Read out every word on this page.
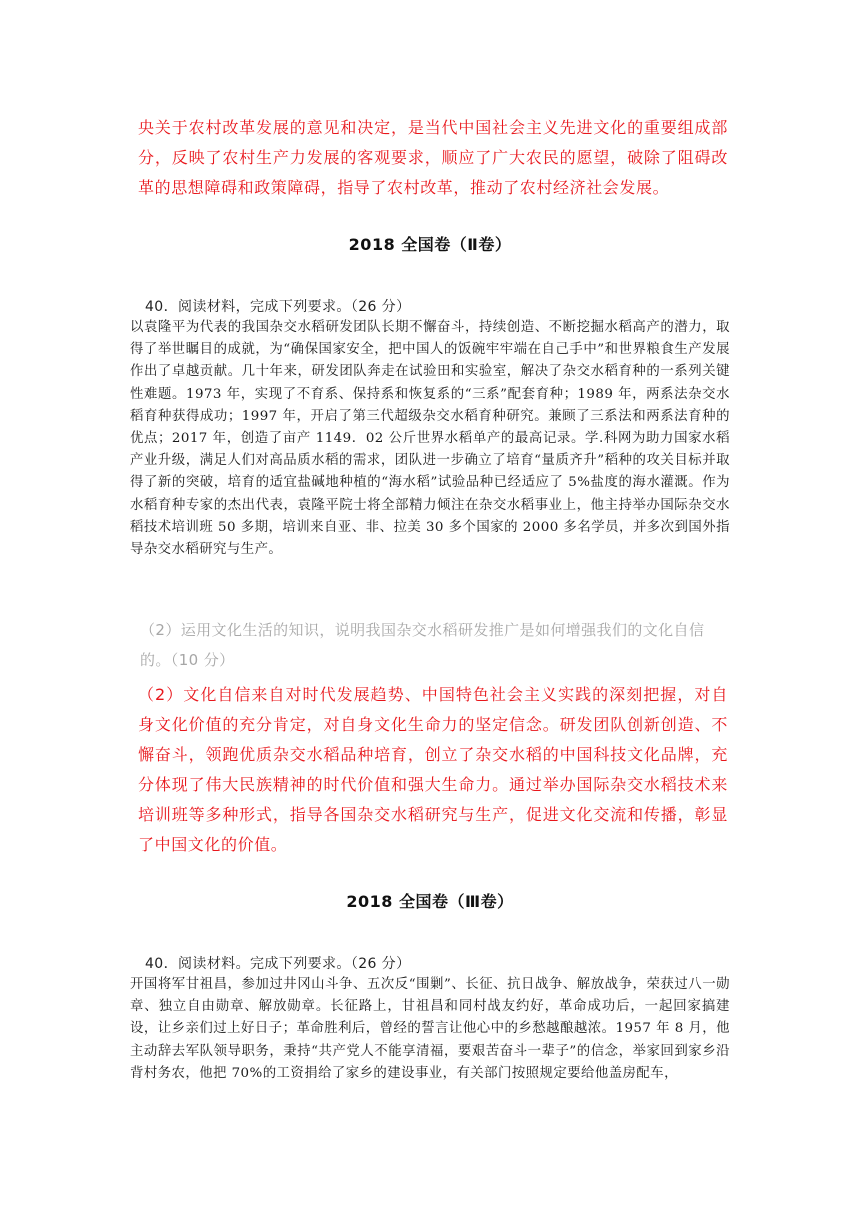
央关于农村改革发展的意见和决定，是当代中国社会主义先进文化的重要组成部分，反映了农村生产力发展的客观要求，顺应了广大农民的愿望，破除了阻碍改革的思想障碍和政策障碍，指导了农村改革，推动了农村经济社会发展。

2018 全国卷（Ⅱ卷）
40．阅读材料，完成下列要求。（26 分）

以袁隆平为代表的我国杂交水稻研发团队长期不懈奋斗，持续创造、不断挖掘水稻高产的潜力，取得了举世瞩目的成就，为“确保国家安全，把中国人的饭碗牢牢端在自己手中”和世界粮食生产发展作出了卓越贡献。几十年来，研发团队奔走在试验田和实验室，解决了杂交水稻育种的一系列关键性难题。1973 年，实现了不育系、保持系和恢复系的“三系”配套育种；1989 年，两系法杂交水稻育种获得成功；1997 年，开启了第三代超级杂交水稻育种研究。兼顾了三系法和两系法育种的优点；2017 年，创造了亩产 1149．02 公斤世界水稻单产的最高记录。学.科网为助力国家水稻产业升级，满足人们对高品质水稻的需求，团队进一步确立了培育“量质齐升”稻种的攻关目标并取得了新的突破，培育的适宜盐碱地种植的“海水稻”试验品种已经适应了 5%盐度的海水灌溉。作为水稻育种专家的杰出代表，袁隆平院士将全部精力倾注在杂交水稻事业上，他主持举办国际杂交水稻技术培训班 50 多期，培训来自亚、非、拉美 30 多个国家的 2000 多名学员，并多次到国外指导杂交水稻研究与生产。

（2）运用文化生活的知识，说明我国杂交水稻研发推广是如何增强我们的文化自信的。（10 分）

（2）文化自信来自对时代发展趋势、中国特色社会主义实践的深刻把握，对自身文化价值的充分肯定，对自身文化生命力的坚定信念。研发团队创新创造、不懈奋斗，领跑优质杂交水稻品种培育，创立了杂交水稻的中国科技文化品牌，充分体现了伟大民族精神的时代价值和强大生命力。通过举办国际杂交水稻技术来培训班等多种形式，指导各国杂交水稻研究与生产，促进文化交流和传播，彰显了中国文化的价值。

2018 全国卷（Ⅲ卷）
40．阅读材料。完成下列要求。（26 分）

开国将军甘祖昌，参加过井冈山斗争、五次反“围剿”、长征、抗日战争、解放战争，荣获过八一勋章、独立自由勋章、解放勋章。长征路上，甘祖昌和同村战友约好，革命成功后，一起回家搞建设，让乡亲们过上好日子；革命胜利后，曾经的誓言让他心中的乡愁越酿越浓。1957 年 8 月，他主动辞去军队领导职务，秉持“共产党人不能享清福，要艰苦奋斗一辈子”的信念，举家回到家乡沿背村务农，他把 70%的工资捐给了家乡的建设事业，有关部门按照规定要给他盖房配车，
